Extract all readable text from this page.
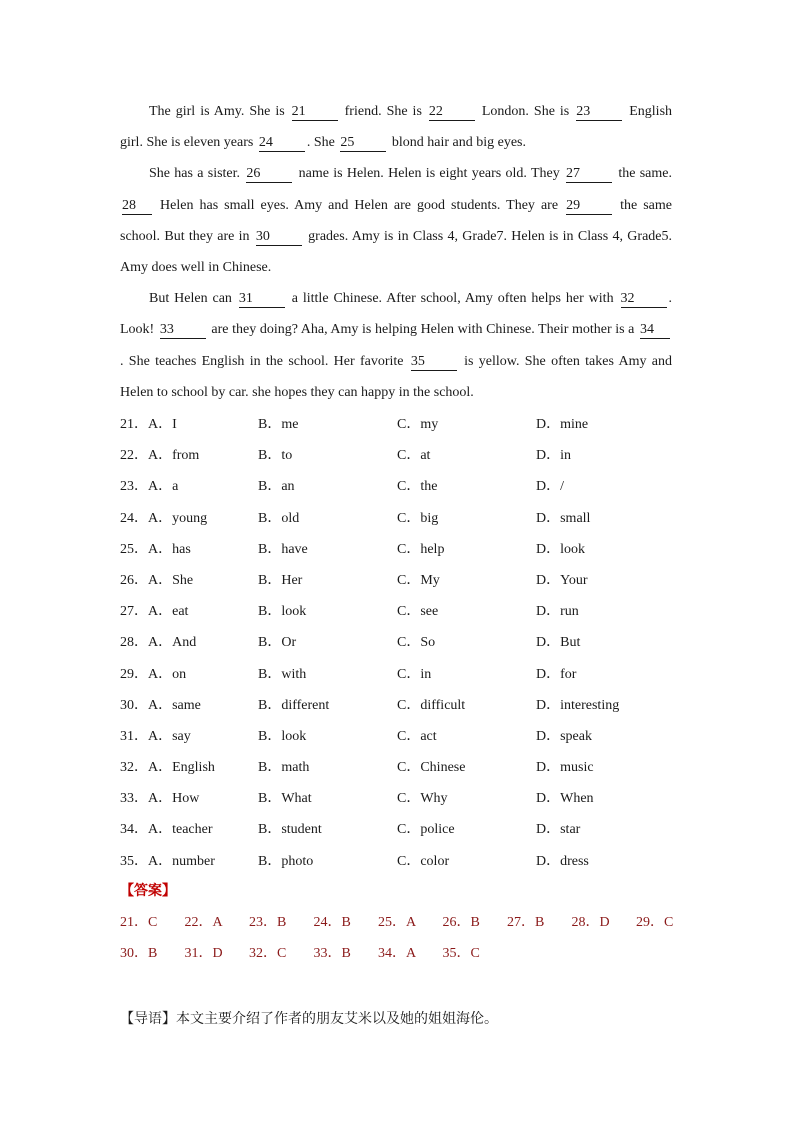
The girl is Amy. She is 21 friend. She is 22 London. She is 23 English girl. She is eleven years 24 . She 25 blond hair and big eyes.

She has a sister. 26 name is Helen. Helen is eight years old. They 27 the same. 28 Helen has small eyes. Amy and Helen are good students. They are 29 the same school. But they are in 30 grades. Amy is in Class 4, Grade7. Helen is in Class 4, Grade5. Amy does well in Chinese.

But Helen can 31 a little Chinese. After school, Amy often helps her with 32 . Look! 33 are they doing? Aha, Amy is helping Helen with Chinese. Their mother is a 34. She teaches English in the school. Her favorite 35 is yellow. She often takes Amy and Helen to school by car. she hopes they can happy in the school.

21．A．I	B．me	C．my	D．mine
22．A．from	B．to	C．at	D．in
23．A．a	B．an	C．the	D．/
24．A．young	B．old	C．big	D．small
25．A．has	B．have	C．help	D．look
26．A．She	B．Her	C．My	D．Your
27．A．eat	B．look	C．see	D．run
28．A．And	B．Or	C．So	D．But
29．A．on	B．with	C．in	D．for
30．A．same	B．different	C．difficult	D．interesting
31．A．say	B．look	C．act	D．speak
32．A．English	B．math	C．Chinese	D．music
33．A．How	B．What	C．Why	D．When
34．A．teacher	B．student	C．police	D．star
35．A．number	B．photo	C．color	D．dress
【答案】
21．C 22．A 23．B 24．B 25．A 26．B 27．B 28．D 29．C
30．B 31．D 32．C 33．B 34．A 35．C
【导语】本文主要介绍了作者的朋友艾米以及她的姐姐海伦。
